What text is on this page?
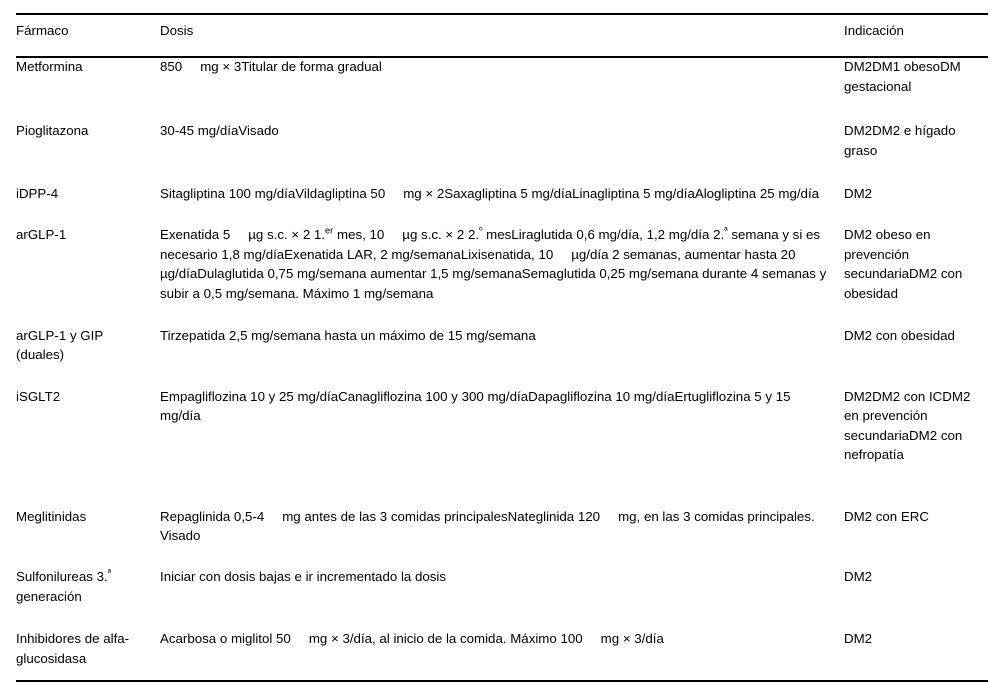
Fármaco	Dosis	Indicación
Metformina	850 mg × 3Titular de forma gradual	DM2DM1 obesoDM gestacional
Pioglitazona	30-45 mg/díaVisado	DM2DM2 e hígado graso
iDPP-4	Sitagliptina 100 mg/díaVildagliptina 50 mg × 2Saxagliptina 5 mg/díaLinagliptina 5 mg/díaAlogliptina 25 mg/día	DM2
arGLP-1	Exenatida 5 µg s.c. × 2 1.$^{er}$ mes, 10 µg s.c. × 2 2.$^º$ mesLiraglutida 0,6 mg/día, 1,2 mg/día 2.$^ª$ semana y si es necesario 1,8 mg/díaExenatida LAR, 2 mg/semanaLixisenatida, 10 µg/día 2 semanas, aumentar hasta 20µg/díaDulaglutida 0,75 mg/semana aumentar 1,5 mg/semanaSemaglutida 0,25 mg/semana durante 4 semanas y subir a 0,5 mg/semana. Máximo 1 mg/semana	DM2 obeso en prevención secundariaDM2 con obesidad
arGLP-1 y GIP (duales)	Tirzepatida 2,5 mg/semana hasta un máximo de 15 mg/semana	DM2 con obesidad
iSGLT2	Empagliflozina 10 y 25 mg/díaCanagliflozina 100 y 300 mg/díaDapagliflozina 10 mg/díaErtugliflozina 5 y 15 mg/día	DM2DM2 con ICDM2 en prevención secundariaDM2 con nefropatía
Meglitinidas	Repaglinida 0,5-4 mg antes de las 3 comidas principalesNateglinida 120 mg, en las 3 comidas principales. Visado	DM2 con ERC
Sulfonilureas 3.$^ª$ generación	Iniciar con dosis bajas e ir incrementado la dosis	DM2
Inhibidores de alfa-glucosidasa	Acarbosa o miglitol 50 mg × 3/día, al inicio de la comida. Máximo 100 mg × 3/día	DM2
